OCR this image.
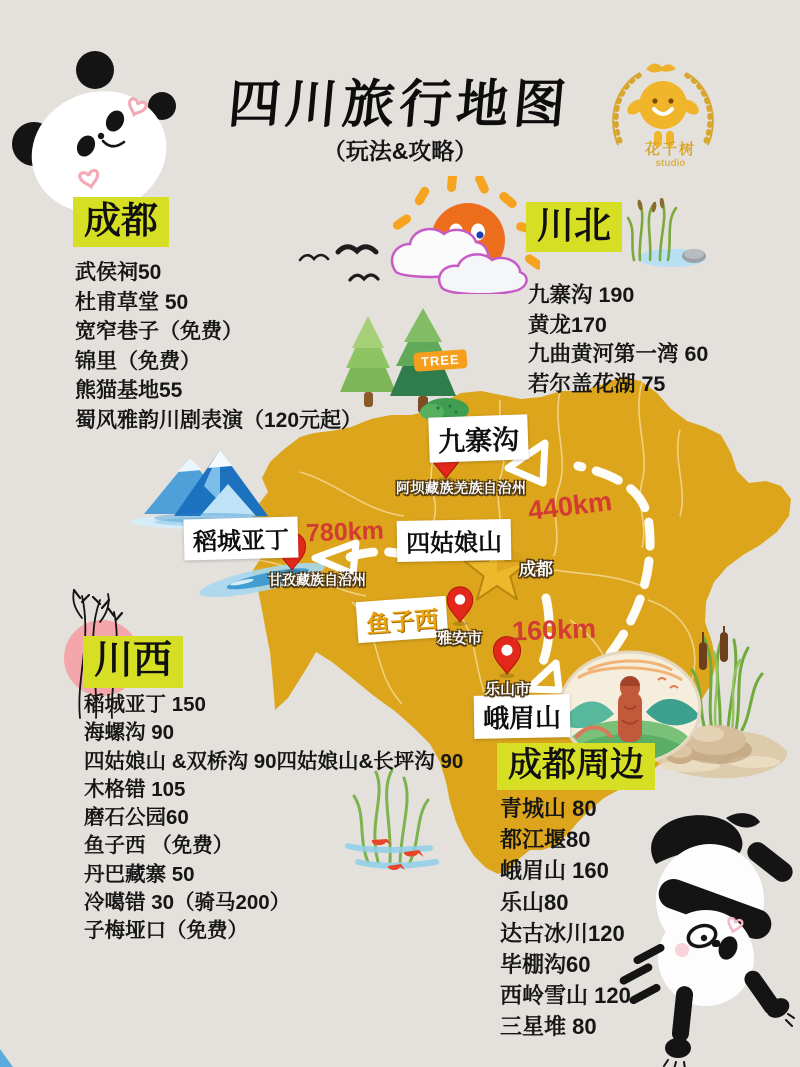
四川旅行地图
（玩法&攻略）	花千树
studio
成都
武侯祠50
杜甫草堂 50
宽窄巷子（免费）
锦里（免费）
熊猫基地55
蜀风雅韵川剧表演（120元起）
川北
九寨沟 190
黄龙170
九曲黄河第一湾 60
若尔盖花湖 75
川西
稻城亚丁 150
海螺沟 90
四姑娘山 &双桥沟 90四姑娘山&长坪沟 90
木格错 105
磨石公园60
鱼子西 （免费）
丹巴藏寨 50
冷噶错 30（骑马200）
子梅垭口（免费）
成都周边
青城山 80
都江堰80
峨眉山 160
乐山80
达古冰川120
毕棚沟60
西岭雪山 120
三星堆 80
九寨沟
稻城亚丁	四姑娘山
鱼子西
峨眉山
阿坝藏族羌族自治州
甘孜藏族自治州
成都
雅安市
乐山市
780km
440km
160km
TREE
